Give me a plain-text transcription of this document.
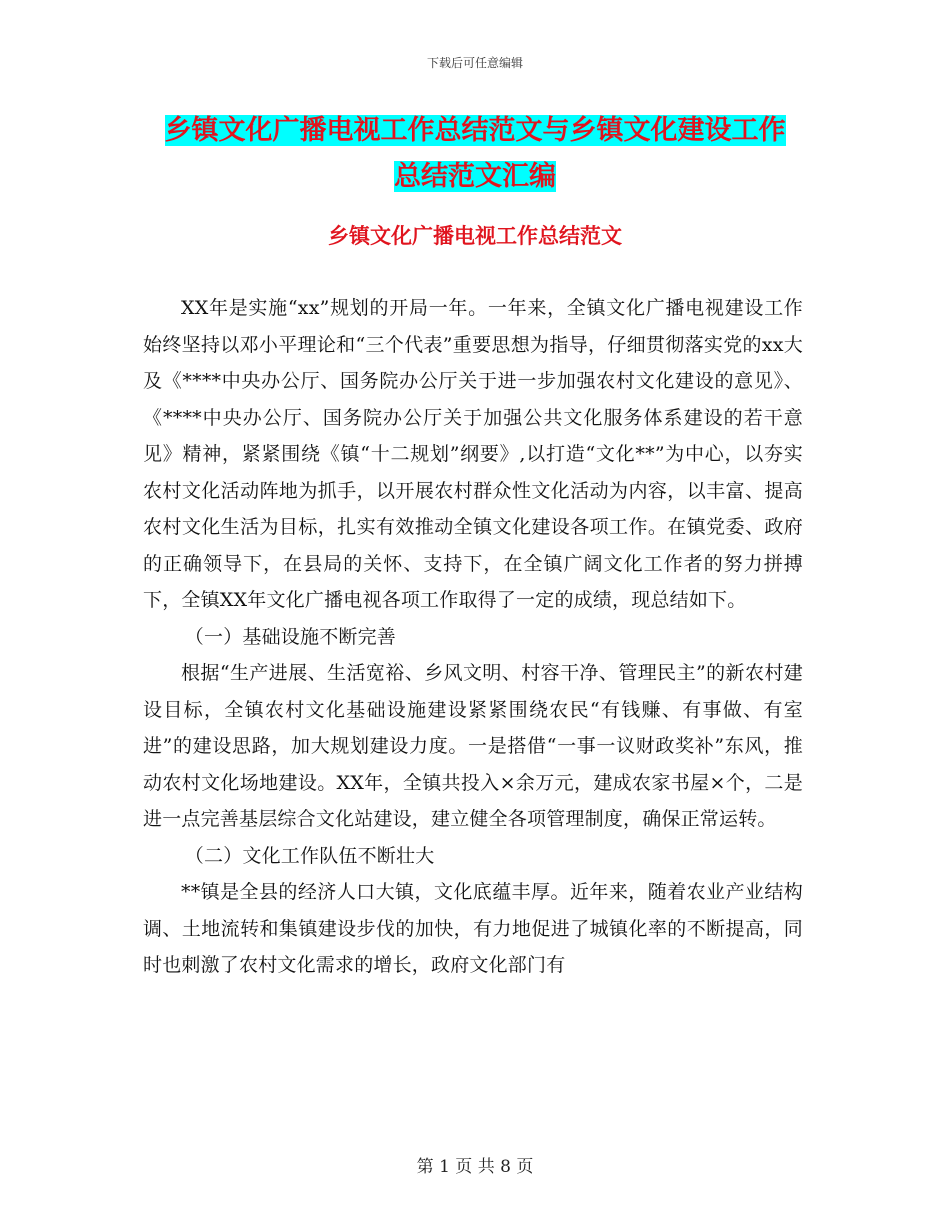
下载后可任意编辑
乡镇文化广播电视工作总结范文与乡镇文化建设工作
总结范文汇编
乡镇文化广播电视工作总结范文

XX年是实施“xx”规划的开局一年。一年来，全镇文化广播电视建设工作始终坚持以邓小平理论和“三个代表”重要思想为指导，仔细贯彻落实党的xx大及《****中央办公厅、国务院办公厅关于进一步加强农村文化建设的意见》、《****中央办公厅、国务院办公厅关于加强公共文化服务体系建设的若干意见》精神，紧紧围绕《镇“十二规划”纲要》,以打造“文化**”为中心，以夯实农村文化活动阵地为抓手，以开展农村群众性文化活动为内容，以丰富、提高农村文化生活为目标，扎实有效推动全镇文化建设各项工作。在镇党委、政府的正确领导下，在县局的关怀、支持下，在全镇广阔文化工作者的努力拼搏下，全镇XX年文化广播电视各项工作取得了一定的成绩，现总结如下。

（一）基础设施不断完善

根据“生产进展、生活宽裕、乡风文明、村容干净、管理民主”的新农村建设目标，全镇农村文化基础设施建设紧紧围绕农民“有钱赚、有事做、有室进”的建设思路，加大规划建设力度。一是搭借“一事一议财政奖补”东风，推动农村文化场地建设。XX年，全镇共投入×余万元，建成农家书屋×个，二是进一点完善基层综合文化站建设，建立健全各项管理制度，确保正常运转。

（二）文化工作队伍不断壮大

**镇是全县的经济人口大镇，文化底蕴丰厚。近年来，随着农业产业结构调、土地流转和集镇建设步伐的加快，有力地促进了城镇化率的不断提高，同时也刺激了农村文化需求的增长，政府文化部门有

第 1 页 共 8 页
